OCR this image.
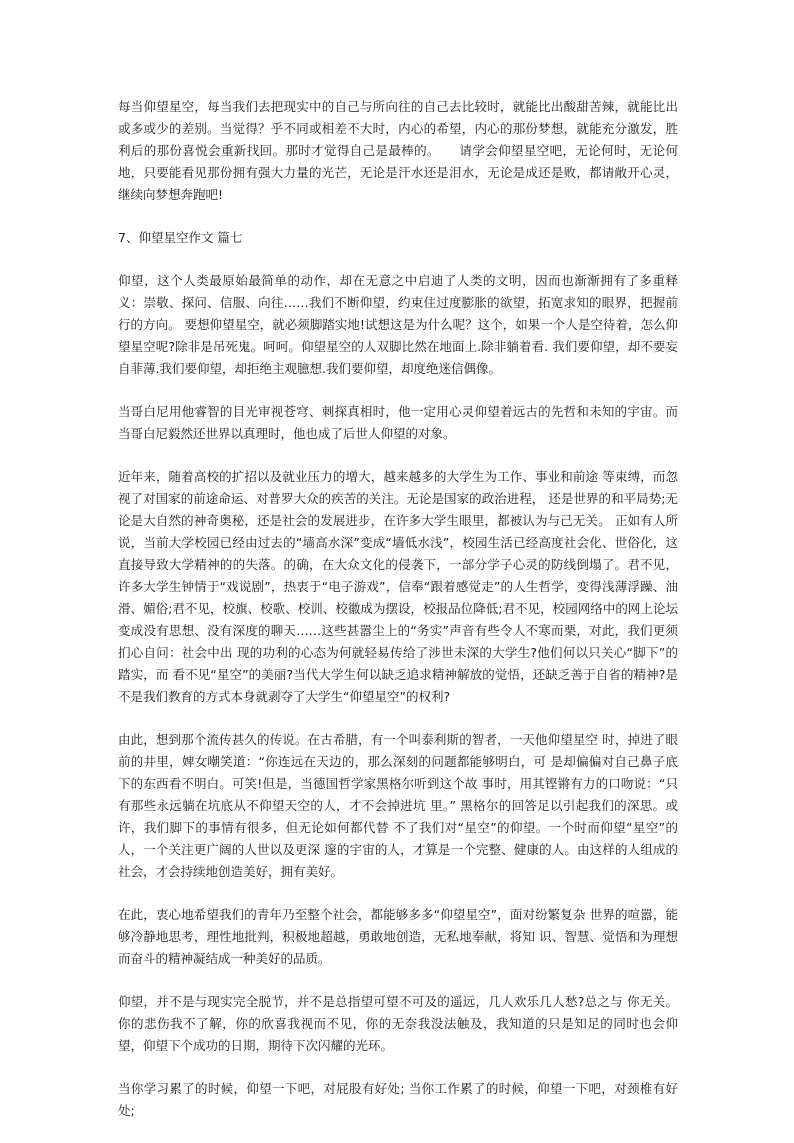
每当仰望星空，每当我们去把现实中的自己与所向往的自己去比较时，就能比出酸甜苦辣，就能比出或多或少的差别。当觉得？乎不同或相差不大时，内心的希望，内心的那份梦想，就能充分激发，胜利后的那份喜悦会重新找回。那时才觉得自己是最棒的。　　请学会仰望星空吧，无论何时，无论何地，只要能看见那份拥有强大力量的光芒，无论是汗水还是泪水，无论是成还是败，都请敞开心灵，继续向梦想奔跑吧!

7、仰望星空作文 篇七

仰望，这个人类最原始最简单的动作，却在无意之中启迪了人类的文明，因而也渐渐拥有了多重释义：崇敬、探问、信服、向往……我们不断仰望，约束住过度膨胀的欲望，拓宽求知的眼界，把握前行的方向。 要想仰望星空，就必须脚踏实地!试想这是为什么呢？这个，如果一个人是空待着，怎么仰望星空呢?除非是吊死鬼。呵呵。仰望星空的人双脚比然在地面上.除非躺着看. 我们要仰望，却不要妄自菲薄.我们要仰望，却拒绝主观臆想.我们要仰望，却度绝迷信偶像。

当哥白尼用他睿智的目光审视苍穹、刺探真相时，他一定用心灵仰望着远古的先哲和未知的宇宙。而当哥白尼毅然还世界以真理时，他也成了后世人仰望的对象。

近年来，随着高校的扩招以及就业压力的增大，越来越多的大学生为工作、事业和前途 等束缚，而忽视了对国家的前途命运、对普罗大众的疾苦的关注。无论是国家的政治进程， 还是世界的和平局势;无论是大自然的神奇奥秘，还是社会的发展进步，在许多大学生眼里，都被认为与己无关。 正如有人所说，当前大学校园已经由过去的“墙高水深”变成“墙低水浅”，校园生活已经高度社会化、世俗化，这直接导致大学精神的的失落。的确，在大众文化的侵袭下，一部分学子心灵的防线倒塌了。君不见，许多大学生钟情于“戏说剧”，热衷于“电子游戏”，信奉“跟着感觉走”的人生哲学，变得浅薄浮躁、油滑、媚俗;君不见，校旗、校歌、校训、校徽成为摆设，校报品位降低;君不见，校园网络中的网上论坛变成没有思想、没有深度的聊天……这些甚嚣尘上的“务实”声音有些令人不寒而栗，对此，我们更须扪心自问：社会中出 现的功利的心态为何就轻易传给了涉世未深的大学生?他们何以只关心“脚下”的踏实，而 看不见“星空”的美丽?当代大学生何以缺乏追求精神解放的觉悟，还缺乏善于自省的精神?是不是我们教育的方式本身就剥夺了大学生“仰望星空”的权利?

由此，想到那个流传甚久的传说。在古希腊，有一个叫泰利斯的智者，一天他仰望星空 时，掉进了眼前的井里，婢女嘲笑道：“你连远在天边的，那么深刻的问题都能够明白，可 是却偏偏对自己鼻子底下的东西看不明白。可笑!但是，当德国哲学家黑格尔听到这个故 事时，用其铿锵有力的口吻说：“只有那些永远躺在坑底从不仰望天空的人，才不会掉进坑 里。” 黑格尔的回答足以引起我们的深思。或许，我们脚下的事情有很多，但无论如何都代替 不了我们对“星空”的仰望。一个时而仰望“星空”的人，一个关注更广阔的人世以及更深 邃的宇宙的人，才算是一个完整、健康的人。由这样的人组成的社会，才会持续地创造美好，拥有美好。

在此，衷心地希望我们的青年乃至整个社会，都能够多多“仰望星空”，面对纷繁复杂 世界的喧嚣，能够冷静地思考，理性地批判，积极地超越，勇敢地创造，无私地奉献，将知 识、智慧、觉悟和为理想而奋斗的精神凝结成一种美好的品质。

仰望，并不是与现实完全脱节，并不是总指望可望不可及的遥远，几人欢乐几人愁?总之与 你无关。你的悲伤我不了解，你的欣喜我视而不见，你的无奈我没法触及，我知道的只是知足的同时也会仰望，仰望下个成功的日期，期待下次闪耀的光环。

当你学习累了的时候，仰望一下吧，对屁股有好处; 当你工作累了的时候，仰望一下吧，对颈椎有好处;
